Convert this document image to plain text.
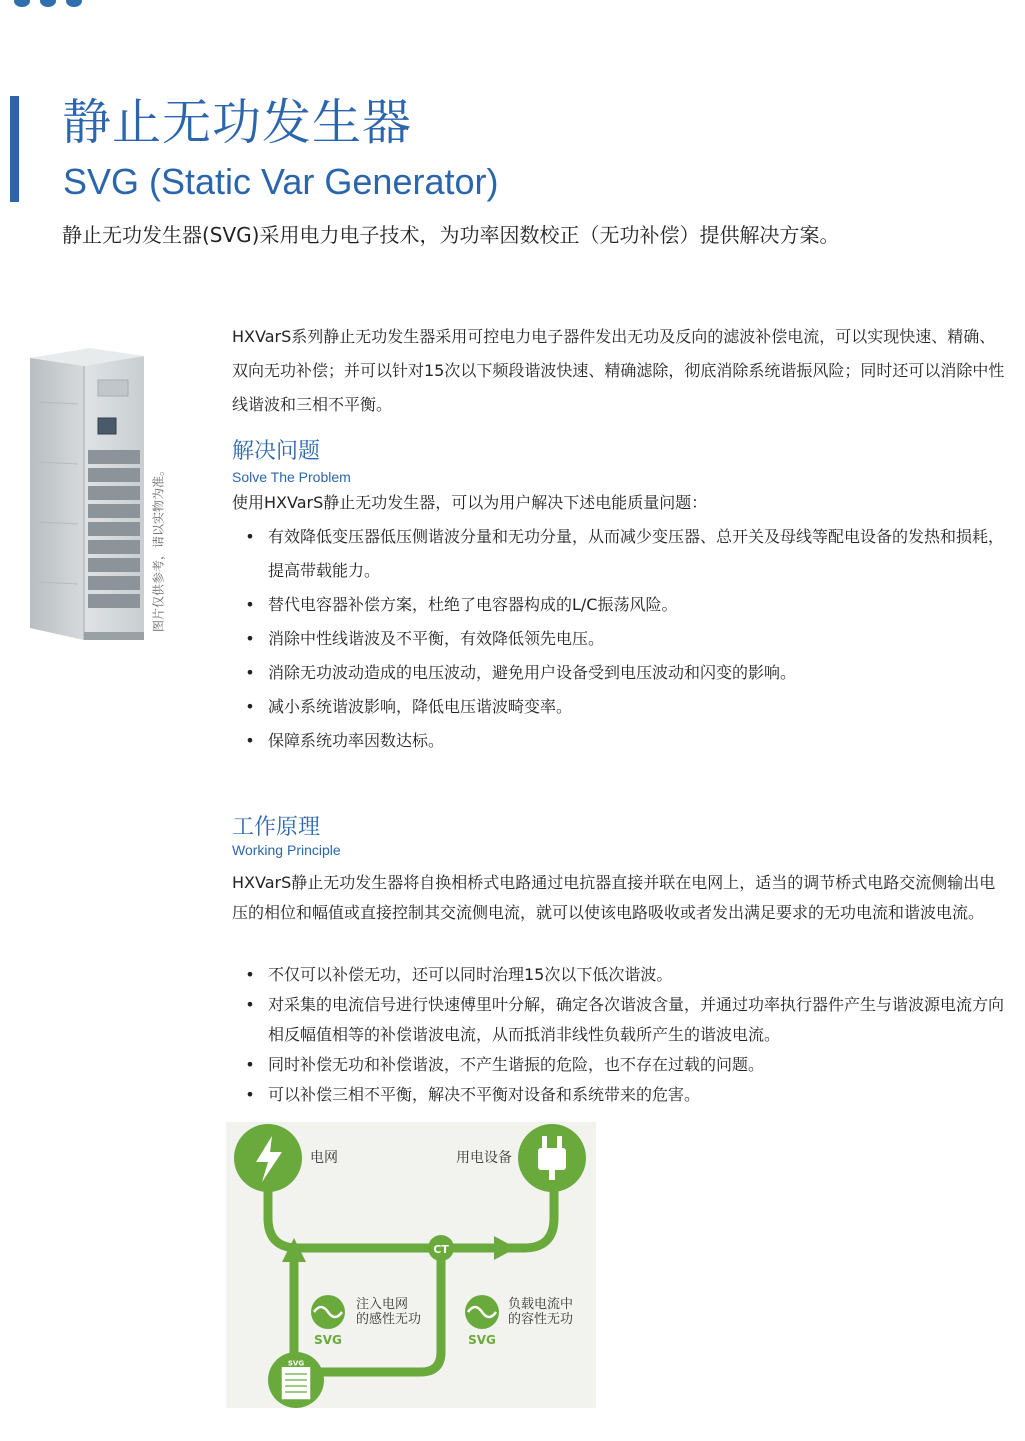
静止无功发生器
SVG (Static Var Generator)
静止无功发生器(SVG)采用电力电子技术，为功率因数校正（无功补偿）提供解决方案。
图片仅供参考，请以实物为准。

HXVarS系列静止无功发生器采用可控电力电子器件发出无功及反向的滤波补偿电流，可以实现快速、精确、双向无功补偿；并可以针对15次以下频段谐波快速、精确滤除，彻底消除系统谐振风险；同时还可以消除中性线谐波和三相不平衡。

解决问题
Solve The Problem

使用HXVarS静止无功发生器，可以为用户解决下述电能质量问题：

• 有效降低变压器低压侧谐波分量和无功分量，从而减少变压器、总开关及母线等配电设备的发热和损耗，提高带载能力。
• 替代电容器补偿方案，杜绝了电容器构成的L/C振荡风险。
• 消除中性线谐波及不平衡，有效降低领先电压。
• 消除无功波动造成的电压波动，避免用户设备受到电压波动和闪变的影响。
• 减小系统谐波影响，降低电压谐波畸变率。
• 保障系统功率因数达标。
工作原理
Working Principle

HXVarS静止无功发生器将自换相桥式电路通过电抗器直接并联在电网上，适当的调节桥式电路交流侧输出电压的相位和幅值或直接控制其交流侧电流，就可以使该电路吸收或者发出满足要求的无功电流和谐波电流。

• 不仅可以补偿无功，还可以同时治理15次以下低次谐波。
• 对采集的电流信号进行快速傅里叶分解，确定各次谐波含量，并通过功率执行器件产生与谐波源电流方向相反幅值相等的补偿谐波电流，从而抵消非线性负载所产生的谐波电流。
• 同时补偿无功和补偿谐波，不产生谐振的危险，也不存在过载的问题。
• 可以补偿三相不平衡，解决不平衡对设备和系统带来的危害。
电网	用电设备
CT
SVG
注入电网
的感性无功
SVG
负载电流中
的容性无功
SVG
